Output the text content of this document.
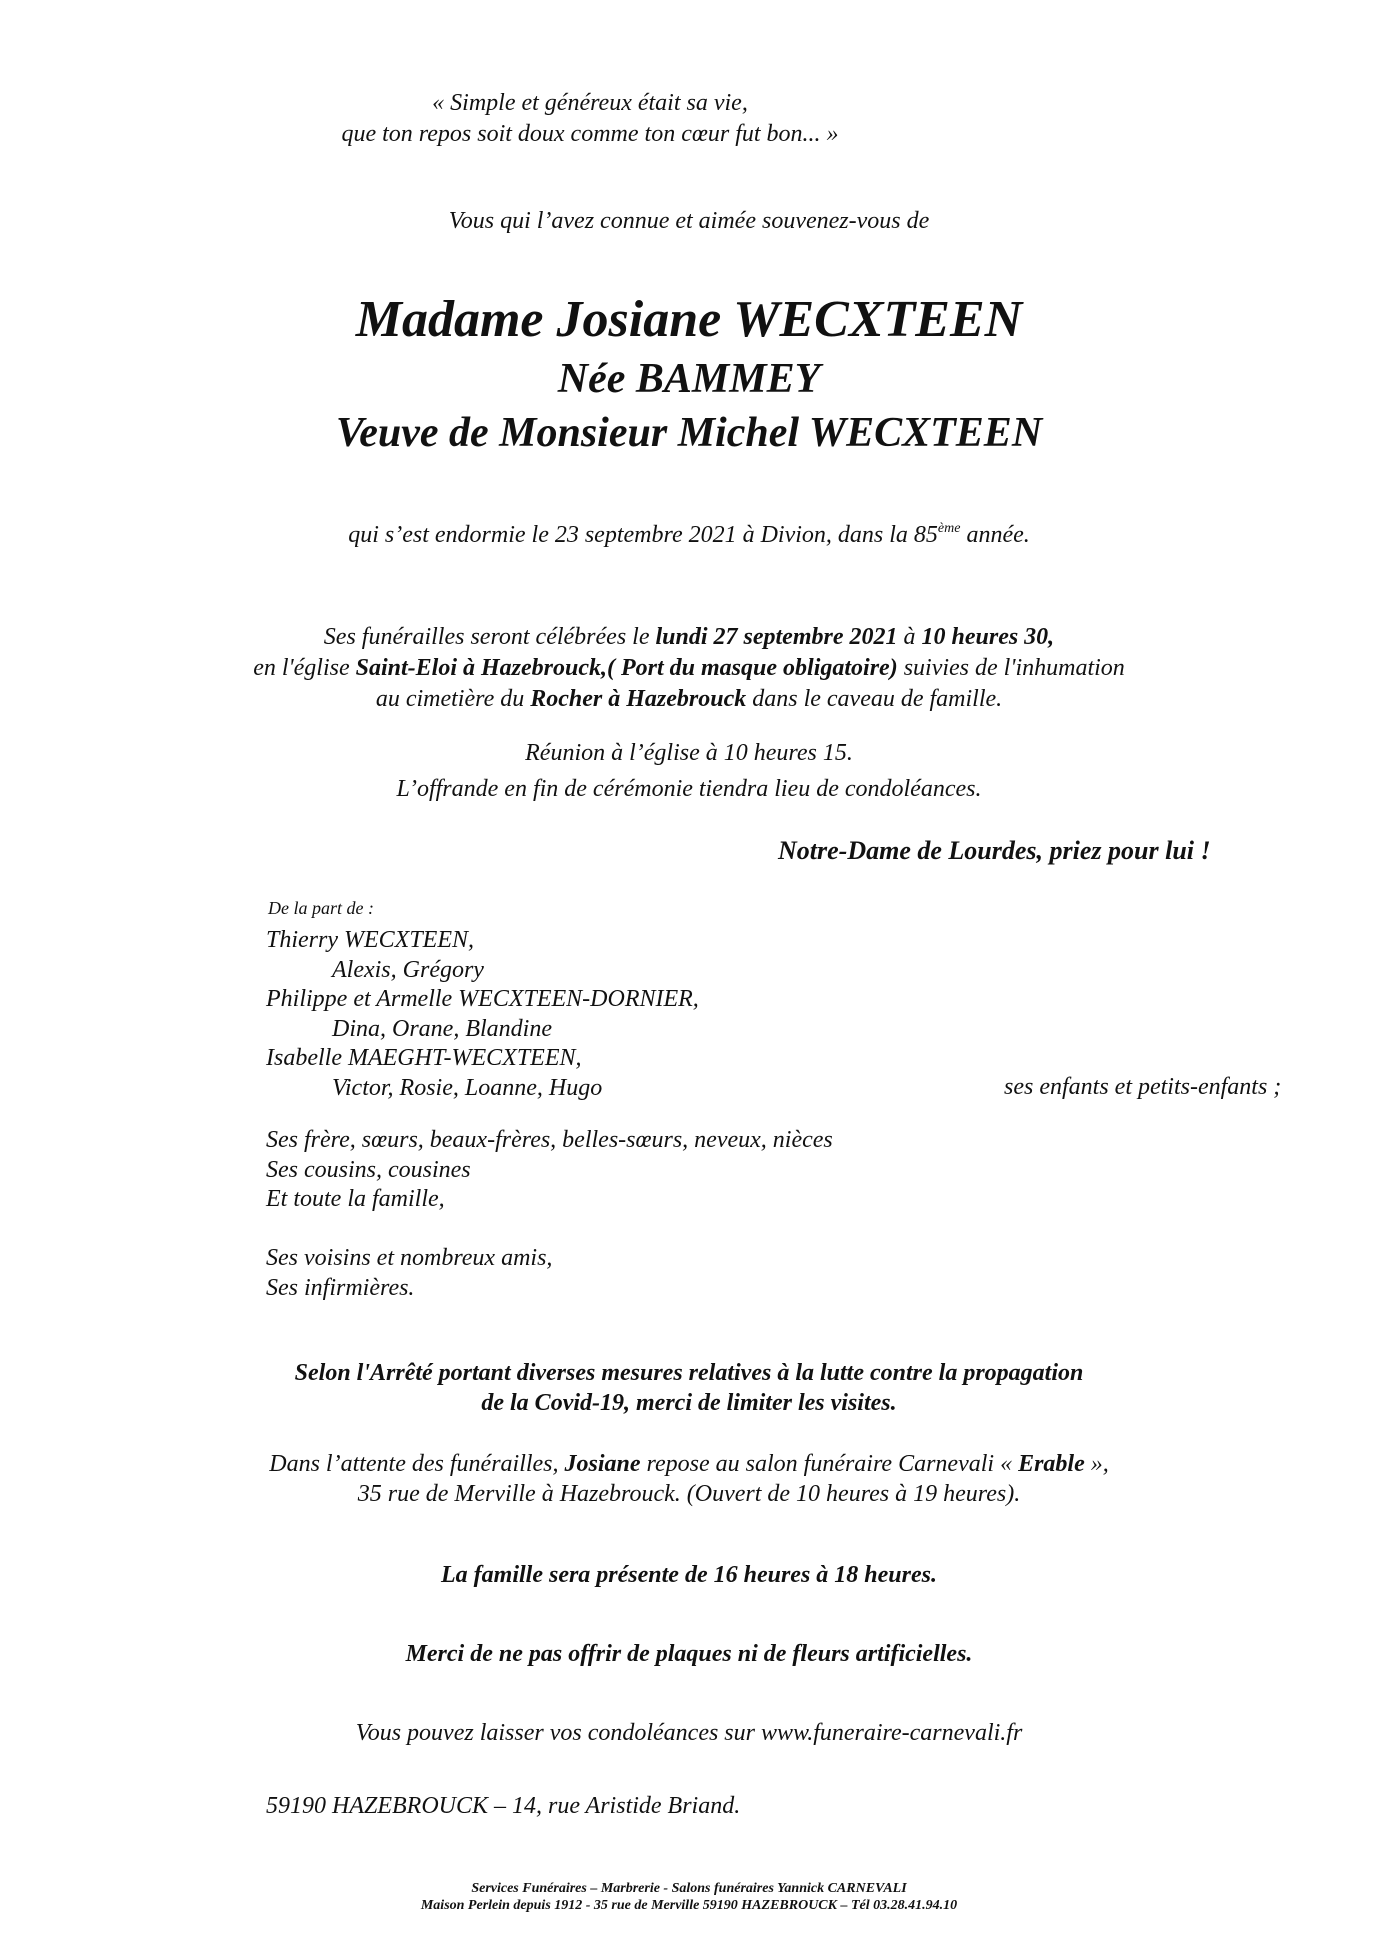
« Simple et généreux était sa vie,
que ton repos soit doux comme ton cœur fut bon... »
Vous qui l’avez connue et aimée souvenez-vous de
Madame Josiane WECXTEEN
Née BAMMEY
Veuve de Monsieur Michel WECXTEEN
qui s’est endormie le 23 septembre 2021 à Divion, dans la 85ème année.
Ses funérailles seront célébrées le lundi 27 septembre 2021 à 10 heures 30,
en l'église Saint-Eloi à Hazebrouck,( Port du masque obligatoire) suivies de l'inhumation
au cimetière du Rocher à Hazebrouck dans le caveau de famille.
Réunion à l’église à 10 heures 15.
L’offrande en fin de cérémonie tiendra lieu de condoléances.
Notre-Dame de Lourdes, priez pour lui !
De la part de :
Thierry WECXTEEN,
Alexis, Grégory
Philippe et Armelle WECXTEEN-DORNIER,
Dina, Orane, Blandine
Isabelle MAEGHT-WECXTEEN,
Victor, Rosie, Loanne, Hugo	ses enfants et petits-enfants ;
Ses frère, sœurs, beaux-frères, belles-sœurs, neveux, nièces
Ses cousins, cousines
Et toute la famille,
Ses voisins et nombreux amis,
Ses infirmières.
Selon l'Arrêté portant diverses mesures relatives à la lutte contre la propagation
de la Covid-19, merci de limiter les visites.
Dans l’attente des funérailles, Josiane repose au salon funéraire Carnevali « Erable »,
35 rue de Merville à Hazebrouck. (Ouvert de 10 heures à 19 heures).
La famille sera présente de 16 heures à 18 heures.
Merci de ne pas offrir de plaques ni de fleurs artificielles.
Vous pouvez laisser vos condoléances sur www.funeraire-carnevali.fr
59190 HAZEBROUCK – 14, rue Aristide Briand.
Services Funéraires – Marbrerie - Salons funéraires Yannick CARNEVALI
Maison Perlein depuis 1912 - 35 rue de Merville 59190 HAZEBROUCK – Tél 03.28.41.94.10
